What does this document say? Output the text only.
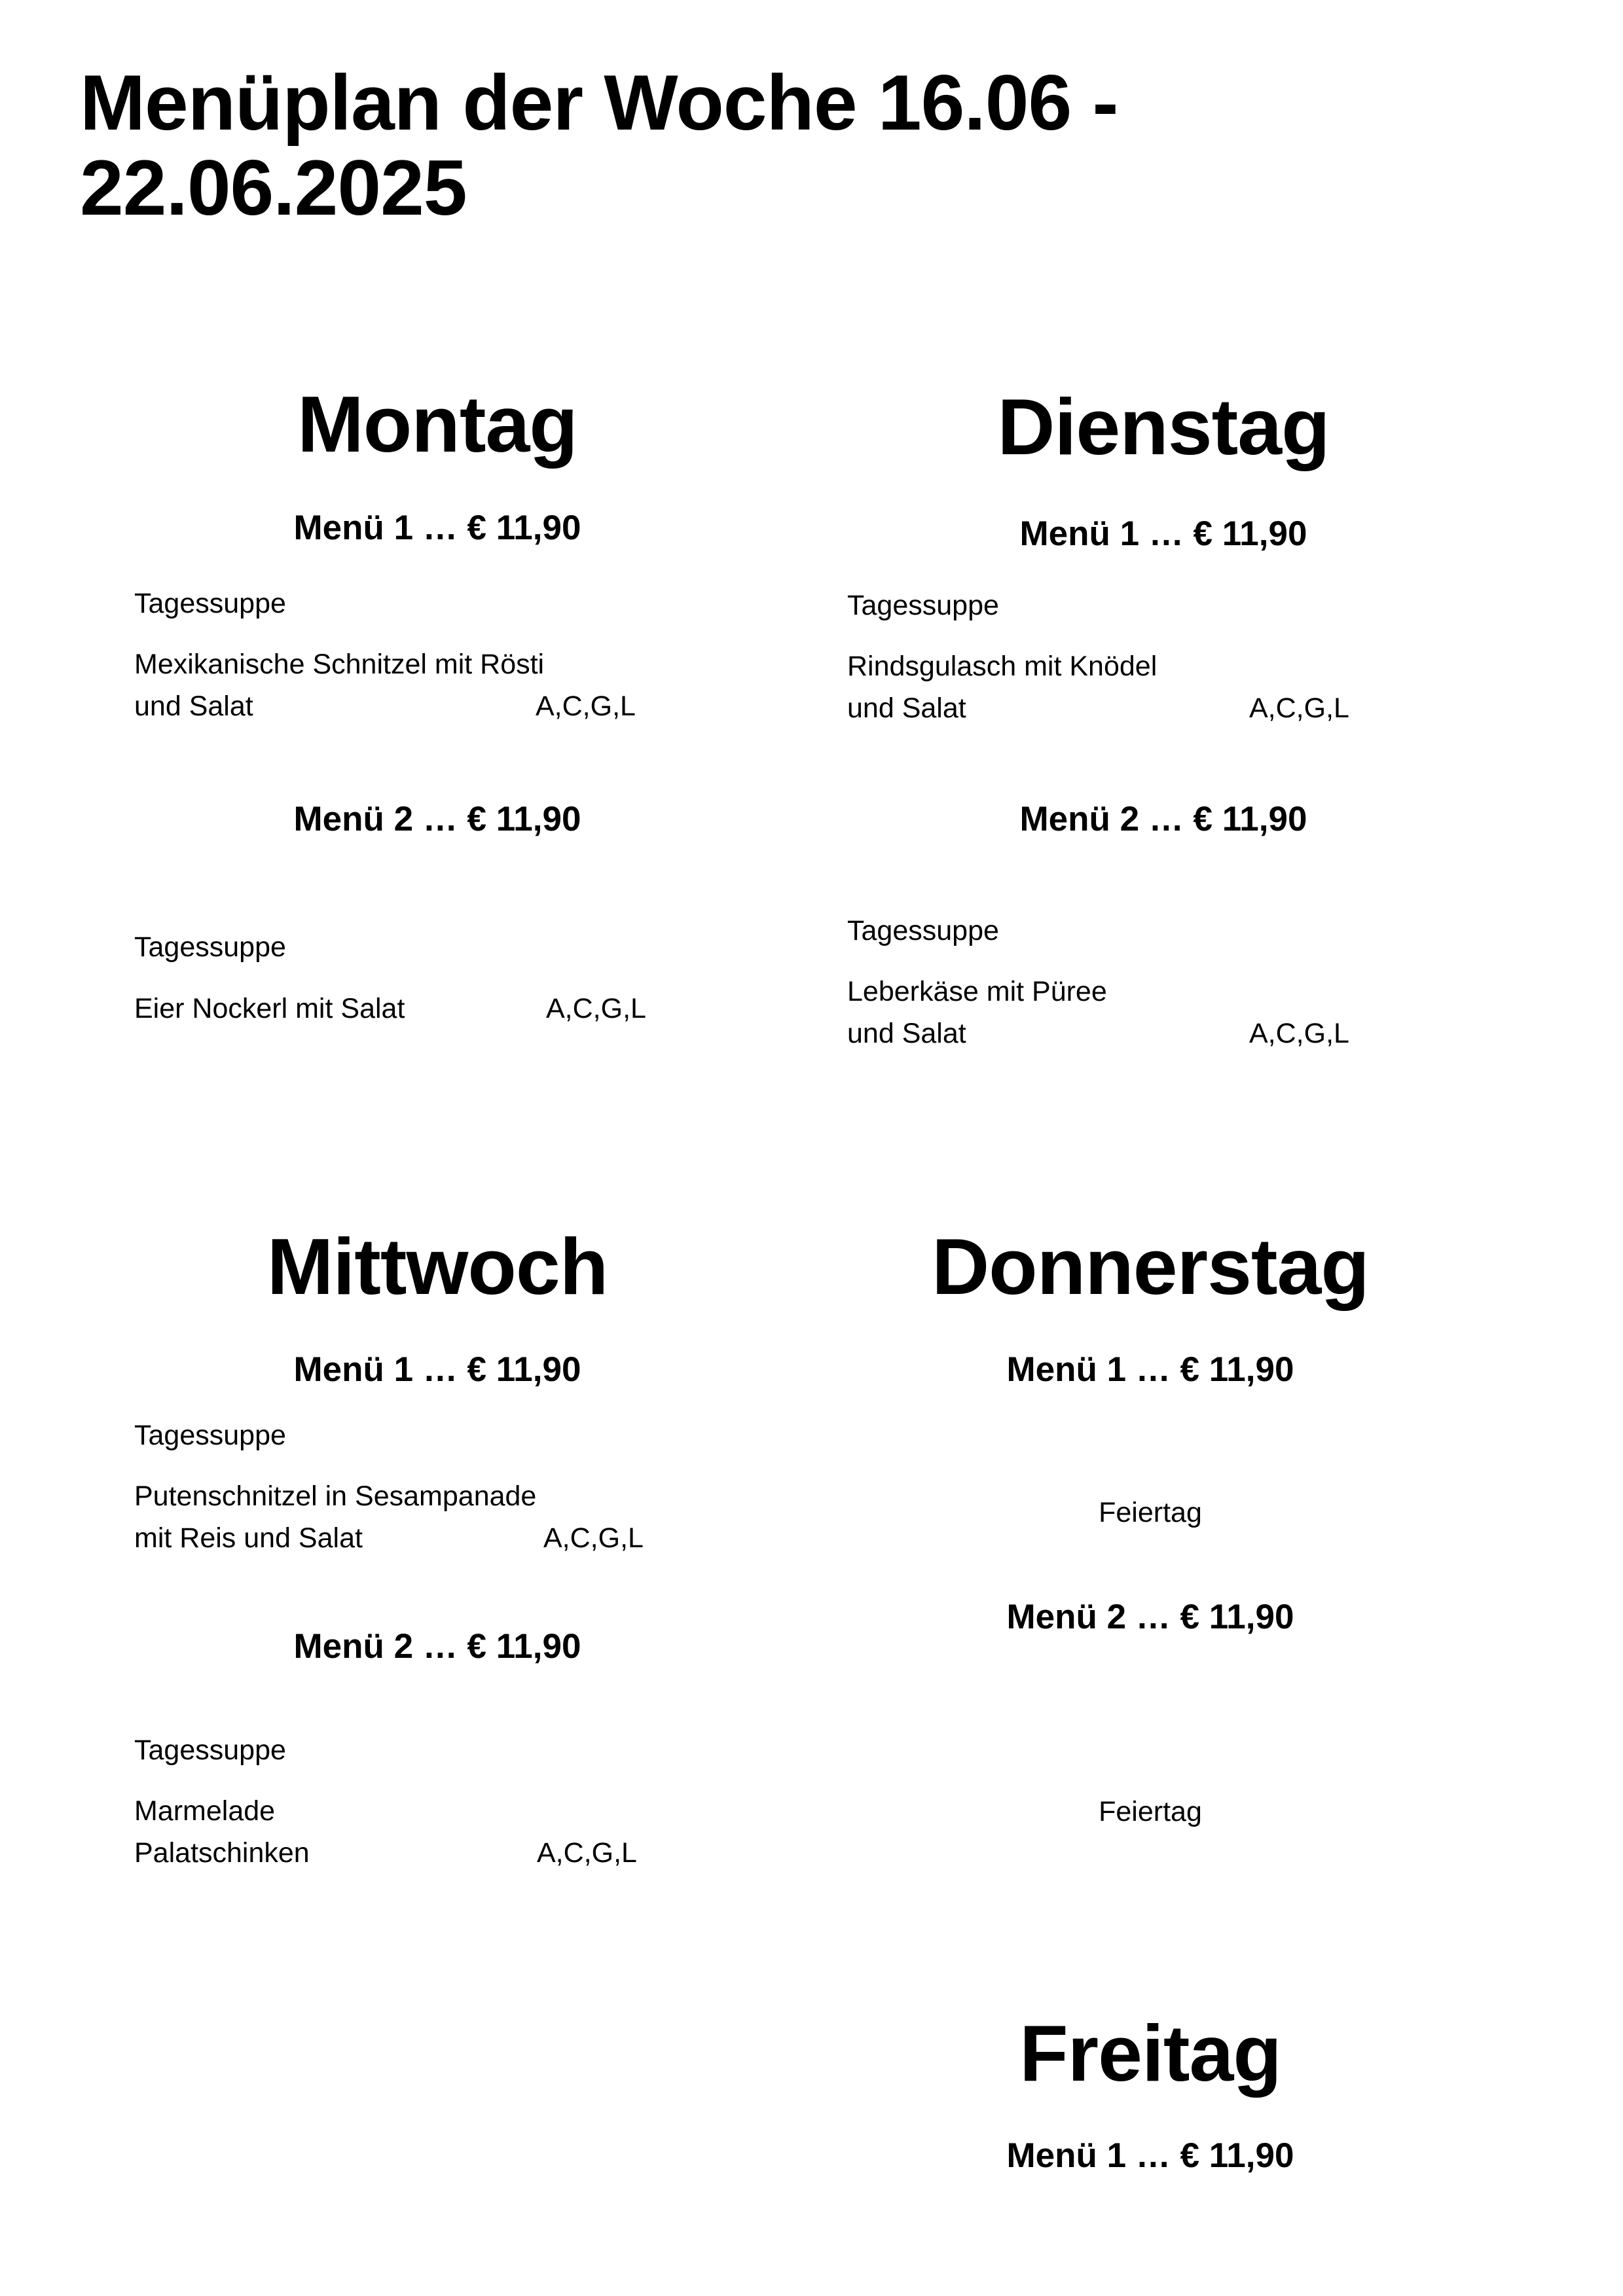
Menüplan der Woche 16.06 -
22.06.2025
Montag
Menü 1 … € 11,90
Tagessuppe
Mexikanische Schnitzel mit Rösti
und Salat	A,C,G,L
Menü 2 … € 11,90
Tagessuppe
Eier Nockerl mit Salat	A,C,G,L
Dienstag
Menü 1 … € 11,90
Tagessuppe
Rindsgulasch mit Knödel
und Salat	A,C,G,L
Menü 2 … € 11,90
Tagessuppe
Leberkäse mit Püree
und Salat	A,C,G,L
Mittwoch
Menü 1 … € 11,90
Tagessuppe
Putenschnitzel in Sesampanade
mit Reis und Salat	A,C,G,L
Menü 2 … € 11,90
Tagessuppe
Marmelade
Palatschinken	A,C,G,L
Donnerstag
Menü 1 … € 11,90
Feiertag
Menü 2 … € 11,90
Feiertag
Freitag
Menü 1 … € 11,90
